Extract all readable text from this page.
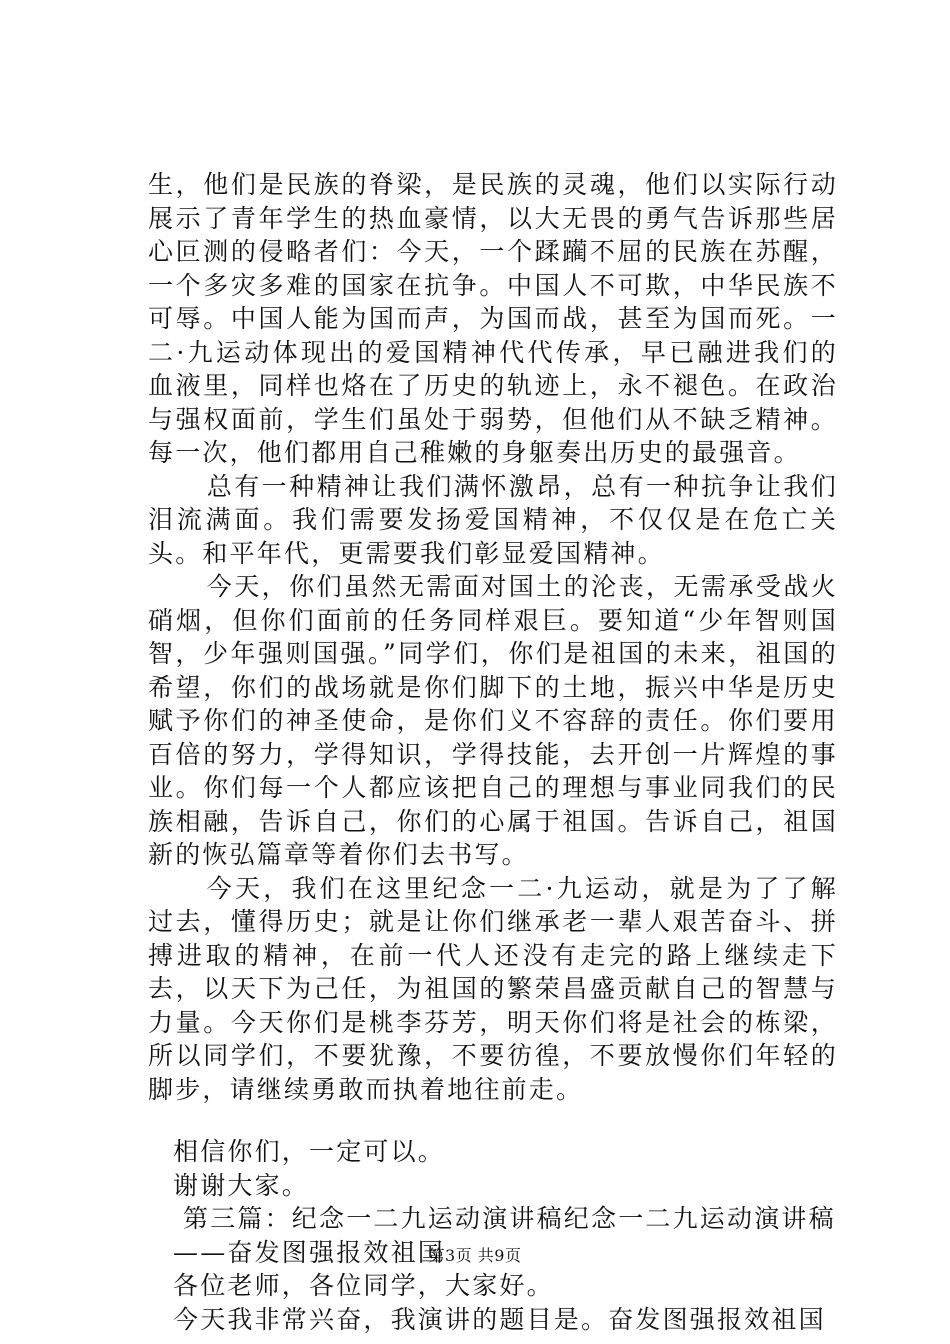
生，他们是民族的脊梁，是民族的灵魂，他们以实际行动展示了青年学生的热血豪情，以大无畏的勇气告诉那些居心叵测的侵略者们：今天，一个蹂躏不屈的民族在苏醒，一个多灾多难的国家在抗争。中国人不可欺，中华民族不可辱。中国人能为国而声，为国而战，甚至为国而死。一二·九运动体现出的爱国精神代代传承，早已融进我们的血液里，同样也烙在了历史的轨迹上，永不褪色。在政治与强权面前，学生们虽处于弱势，但他们从不缺乏精神。每一次，他们都用自己稚嫩的身躯奏出历史的最强音。

总有一种精神让我们满怀激昂，总有一种抗争让我们泪流满面。我们需要发扬爱国精神，不仅仅是在危亡关头。和平年代，更需要我们彰显爱国精神。

今天，你们虽然无需面对国土的沦丧，无需承受战火硝烟，但你们面前的任务同样艰巨。要知道“少年智则国智，少年强则国强。”同学们，你们是祖国的未来，祖国的希望，你们的战场就是你们脚下的土地，振兴中华是历史赋予你们的神圣使命，是你们义不容辞的责任。你们要用百倍的努力，学得知识，学得技能，去开创一片辉煌的事业。你们每一个人都应该把自己的理想与事业同我们的民族相融，告诉自己，你们的心属于祖国。告诉自己，祖国新的恢弘篇章等着你们去书写。

今天，我们在这里纪念一二·九运动，就是为了了解过去，懂得历史；就是让你们继承老一辈人艰苦奋斗、拼搏进取的精神，在前一代人还没有走完的路上继续走下去，以天下为己任，为祖国的繁荣昌盛贡献自己的智慧与力量。今天你们是桃李芬芳，明天你们将是社会的栋梁，所以同学们，不要犹豫，不要彷徨，不要放慢你们年轻的脚步，请继续勇敢而执着地往前走。

相信你们，一定可以。

谢谢大家。

第三篇：纪念一二九运动演讲稿纪念一二九运动演讲稿——奋发图强报效祖国

各位老师，各位同学，大家好。

今天我非常兴奋，我演讲的题目是。奋发图强报效祖国

第3页 共9页
